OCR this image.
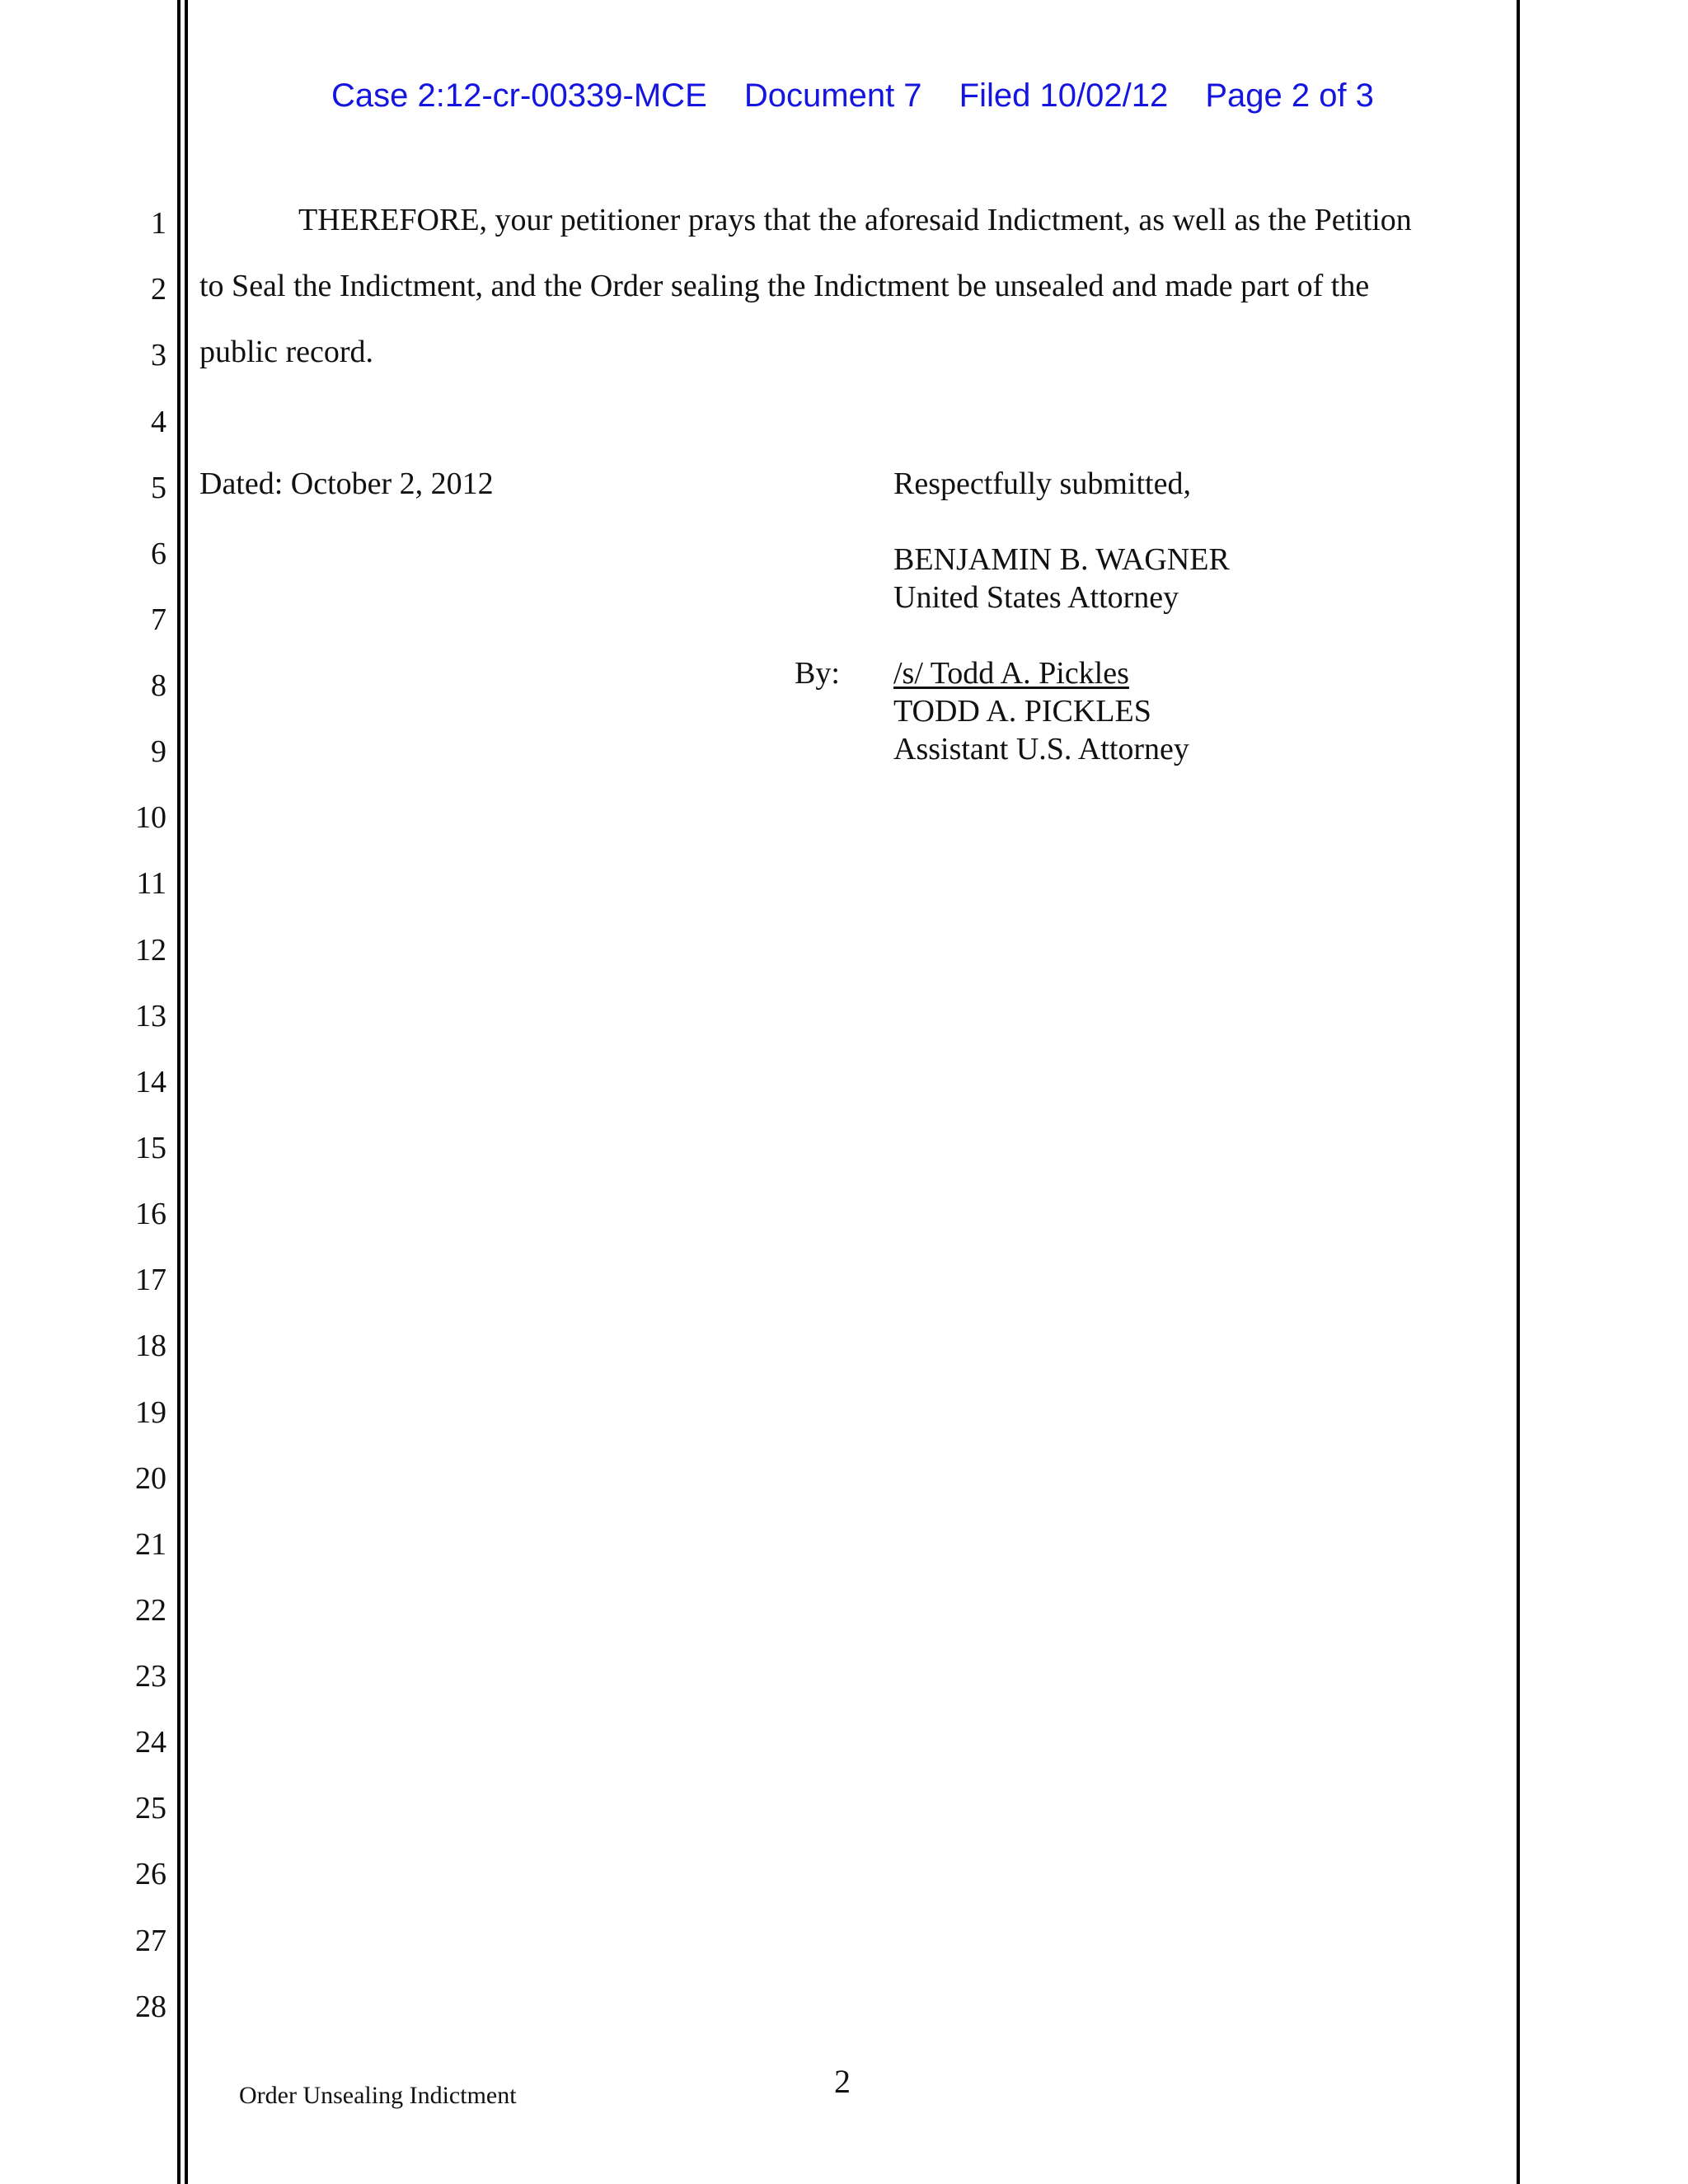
Case 2:12-cr-00339-MCE Document 7 Filed 10/02/12 Page 2 of 3
1
2
3
4
5
6
7
8
9
10
11
12
13
14
15
16
17
18
19
20
21
22
23
24
25
26
27
28
THEREFORE, your petitioner prays that the aforesaid Indictment, as well as the Petition
to Seal the Indictment, and the Order sealing the Indictment be unsealed and made part of the
public record.
Dated: October 2, 2012	Respectfully submitted,
BENJAMIN B. WAGNER
United States Attorney
By: /s/ Todd A. Pickles
TODD A. PICKLES
Assistant U.S. Attorney
2
Order Unsealing Indictment
